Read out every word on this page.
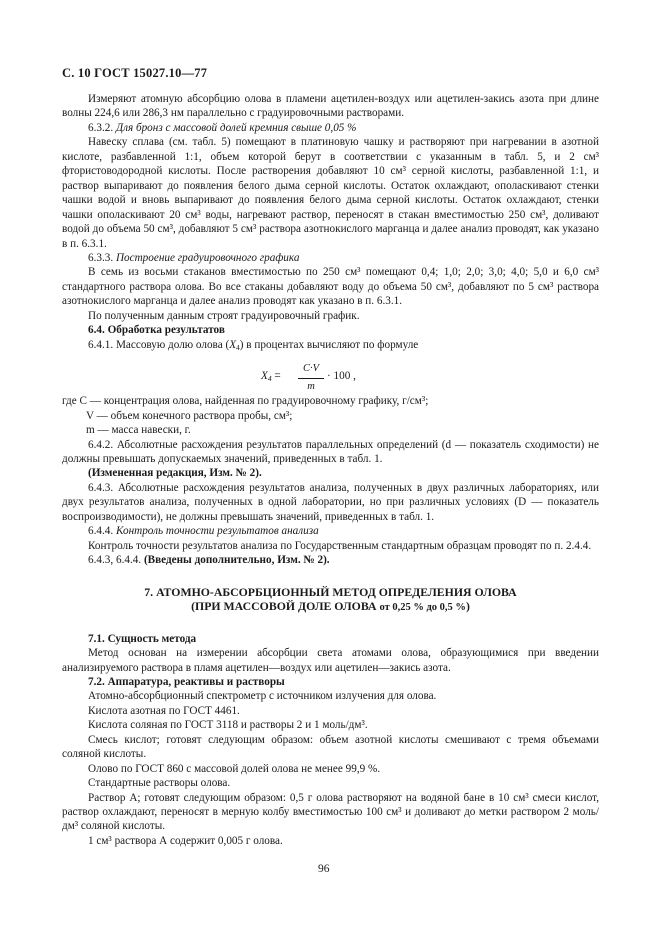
С. 10 ГОСТ 15027.10—77

Измеряют атомную абсорбцию олова в пламени ацетилен-воздух или ацетилен-закись азота при длине волны 224,6 или 286,3 нм параллельно с градуировочными растворами.

6.3.2. Для бронз с массовой долей кремния свыше 0,05 %

Навеску сплава (см. табл. 5) помещают в платиновую чашку и растворяют при нагревании в азотной кислоте, разбавленной 1:1, объем которой берут в соответствии с указанным в табл. 5, и 2 см³ фтористоводородной кислоты. После растворения добавляют 10 см³ серной кислоты, разбавленной 1:1, и раствор выпаривают до появления белого дыма серной кислоты. Остаток охлаждают, ополаскивают стенки чашки водой и вновь выпаривают до появления белого дыма серной кислоты. Остаток охлаждают, стенки чашки ополаскивают 20 см³ воды, нагревают раствор, переносят в стакан вместимостью 250 см³, доливают водой до объема 50 см³, добавляют 5 см³ раствора азотнокислого марганца и далее анализ проводят, как указано в п. 6.3.1.

6.3.3. Построение градуировочного графика

В семь из восьми стаканов вместимостью по 250 см³ помещают 0,4; 1,0; 2,0; 3,0; 4,0; 5,0 и 6,0 см³ стандартного раствора олова. Во все стаканы добавляют воду до объема 50 см³, добавляют по 5 см³ раствора азотнокислого марганца и далее анализ проводят как указано в п. 6.3.1.

По полученным данным строят градуировочный график.

6.4. Обработка результатов

6.4.1. Массовую долю олова $(X_4)$ в процентах вычисляют по формуле

$X_4 = \frac{C\cdot V}{m} \cdot 100$ ,
где C — концентрация олова, найденная по градуировочному графику, г/см³;
V — объем конечного раствора пробы, см³;
m — масса навески, г.

6.4.2. Абсолютные расхождения результатов параллельных определений (d — показатель сходимости) не должны превышать допускаемых значений, приведенных в табл. 1.

(Измененная редакция, Изм. № 2).

6.4.3. Абсолютные расхождения результатов анализа, полученных в двух различных лабораториях, или двух результатов анализа, полученных в одной лаборатории, но при различных условиях (D — показатель воспроизводимости), не должны превышать значений, приведенных в табл. 1.

6.4.4. Контроль точности результатов анализа

Контроль точности результатов анализа по Государственным стандартным образцам проводят по п. 2.4.4.

6.4.3, 6.4.4. (Введены дополнительно, Изм. № 2).

7. АТОМНО-АБСОРБЦИОННЫЙ МЕТОД ОПРЕДЕЛЕНИЯ ОЛОВА
(ПРИ МАССОВОЙ ДОЛЕ ОЛОВА от 0,25 % до 0,5 %)

7.1. Сущность метода

Метод основан на измерении абсорбции света атомами олова, образующимися при введении анализируемого раствора в пламя ацетилен—воздух или ацетилен—закись азота.

7.2. Аппаратура, реактивы и растворы

Атомно-абсорбционный спектрометр с источником излучения для олова.

Кислота азотная по ГОСТ 4461.

Кислота соляная по ГОСТ 3118 и растворы 2 и 1 моль/дм³.

Смесь кислот; готовят следующим образом: объем азотной кислоты смешивают с тремя объемами соляной кислоты.

Олово по ГОСТ 860 с массовой долей олова не менее 99,9 %.

Стандартные растворы олова.

Раствор А; готовят следующим образом: 0,5 г олова растворяют на водяной бане в 10 см³ смеси кислот, раствор охлаждают, переносят в мерную колбу вместимостью 100 см³ и доливают до метки раствором 2 моль/дм³ соляной кислоты.

1 см³ раствора А содержит 0,005 г олова.

96
